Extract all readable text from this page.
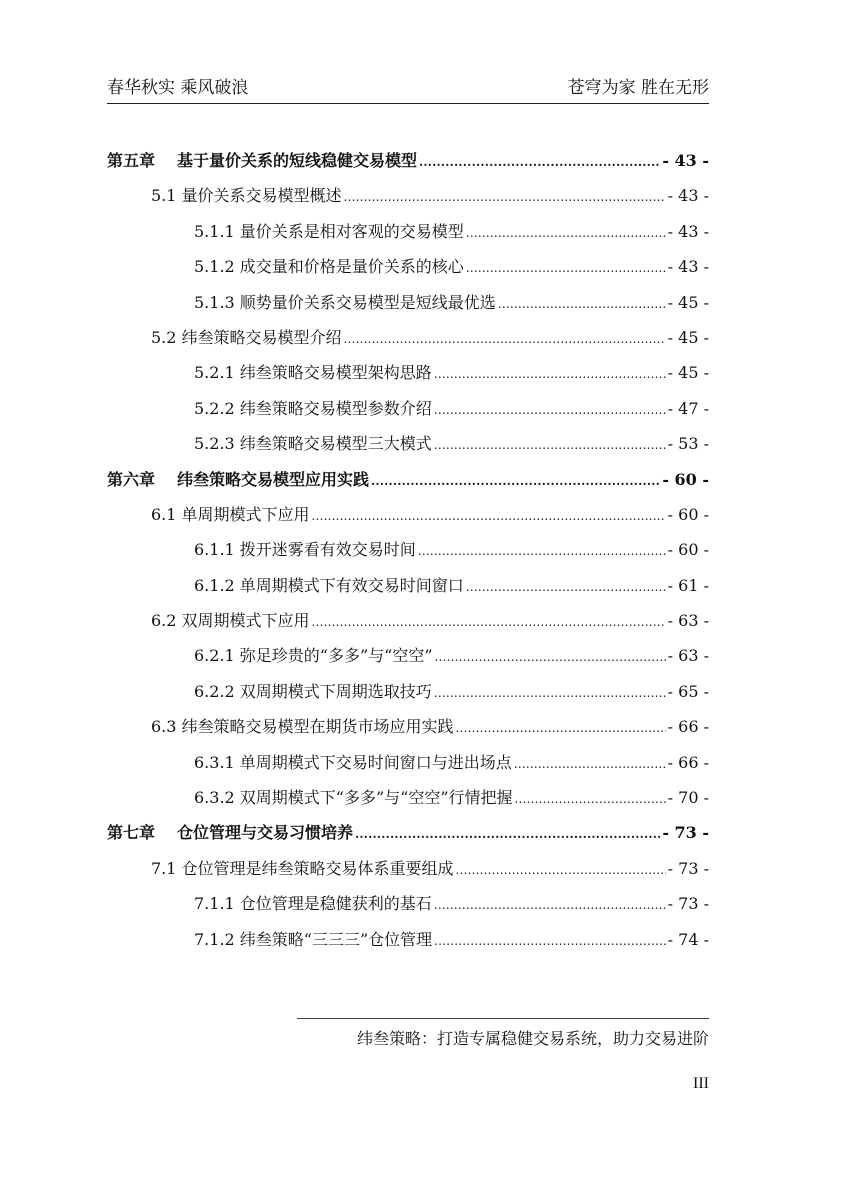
春华秋实 乘风破浪	苍穹为家 胜在无形
第五章 基于量价关系的短线稳健交易模型 .....	- 43 -
5.1 量价关系交易模型概述 .....	- 43 -
5.1.1 量价关系是相对客观的交易模型 .....	- 43 -
5.1.2 成交量和价格是量价关系的核心 .....	- 43 -
5.1.3 顺势量价关系交易模型是短线最优选 .....	- 45 -
5.2 纬叁策略交易模型介绍 .....	- 45 -
5.2.1 纬叁策略交易模型架构思路 .....	- 45 -
5.2.2 纬叁策略交易模型参数介绍 .....	- 47 -
5.2.3 纬叁策略交易模型三大模式 .....	- 53 -
第六章 纬叁策略交易模型应用实践 .....	- 60 -
6.1 单周期模式下应用 .....	- 60 -
6.1.1 拨开迷雾看有效交易时间 .....	- 60 -
6.1.2 单周期模式下有效交易时间窗口 .....	- 61 -
6.2 双周期模式下应用 .....	- 63 -
6.2.1 弥足珍贵的“多多”与“空空” .....	- 63 -
6.2.2 双周期模式下周期选取技巧 .....	- 65 -
6.3 纬叁策略交易模型在期货市场应用实践 .....	- 66 -
6.3.1 单周期模式下交易时间窗口与进出场点 .....	- 66 -
6.3.2 双周期模式下“多多”与“空空”行情把握 .....	- 70 -
第七章 仓位管理与交易习惯培养 .....	- 73 -
7.1 仓位管理是纬叁策略交易体系重要组成 .....	- 73 -
7.1.1 仓位管理是稳健获利的基石 .....	- 73 -
7.1.2 纬叁策略“三三三”仓位管理 .....	- 74 -
纬叁策略：打造专属稳健交易系统，助力交易进阶
III
